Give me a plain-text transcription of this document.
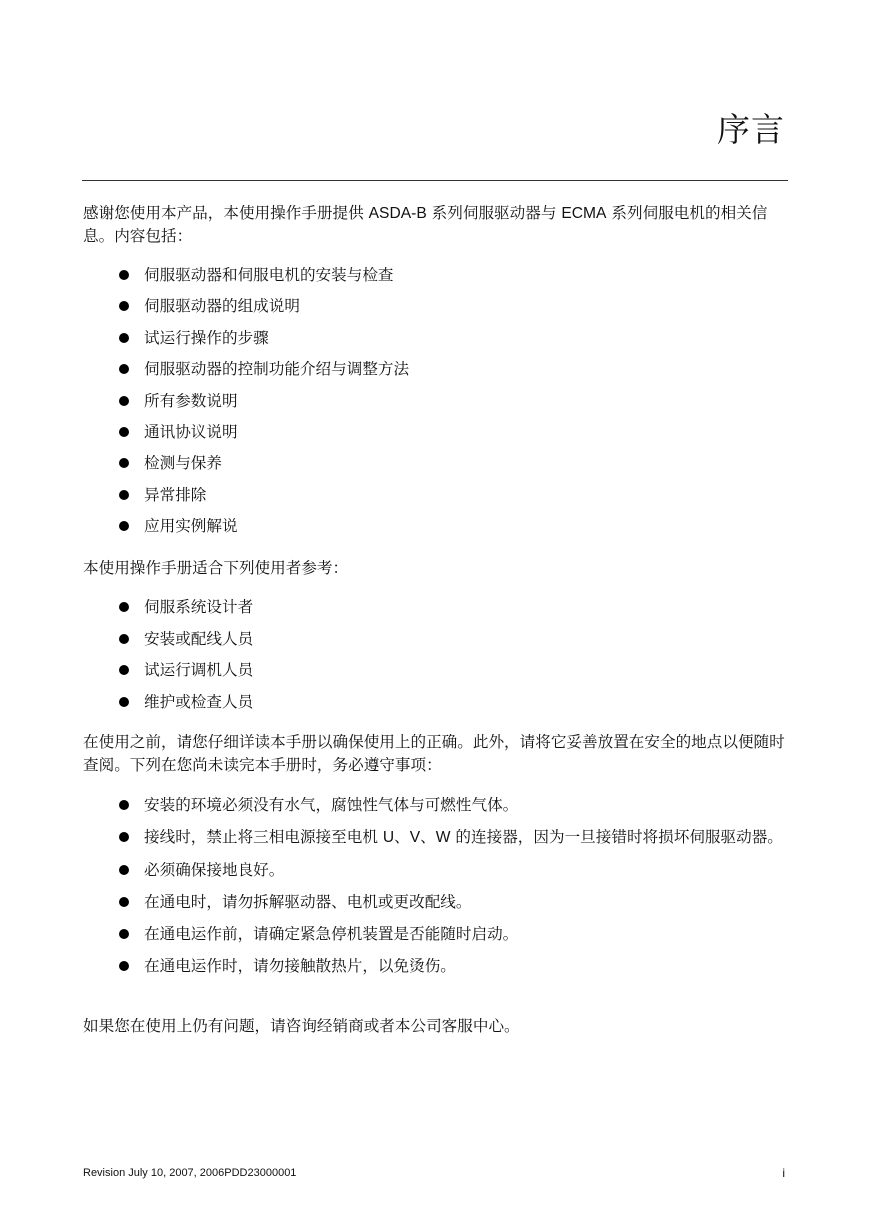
序言

感谢您使用本产品，本使用操作手册提供 ASDA-B 系列伺服驱动器与 ECMA 系列伺服电机的相关信息。内容包括：

伺服驱动器和伺服电机的安装与检查
伺服驱动器的组成说明
试运行操作的步骤
伺服驱动器的控制功能介绍与调整方法
所有参数说明
通讯协议说明
检测与保养
异常排除
应用实例解说

本使用操作手册适合下列使用者参考：

伺服系统设计者
安装或配线人员
试运行调机人员
维护或检查人员

在使用之前，请您仔细详读本手册以确保使用上的正确。此外，请将它妥善放置在安全的地点以便随时查阅。下列在您尚未读完本手册时，务必遵守事项：

安装的环境必须没有水气，腐蚀性气体与可燃性气体。
接线时，禁止将三相电源接至电机 U、V、W 的连接器，因为一旦接错时将损坏伺服驱动器。
必须确保接地良好。
在通电时，请勿拆解驱动器、电机或更改配线。
在通电运作前，请确定紧急停机装置是否能随时启动。
在通电运作时，请勿接触散热片，以免烫伤。

如果您在使用上仍有问题，请咨询经销商或者本公司客服中心。

Revision July 10, 2007, 2006PDD23000001	i
